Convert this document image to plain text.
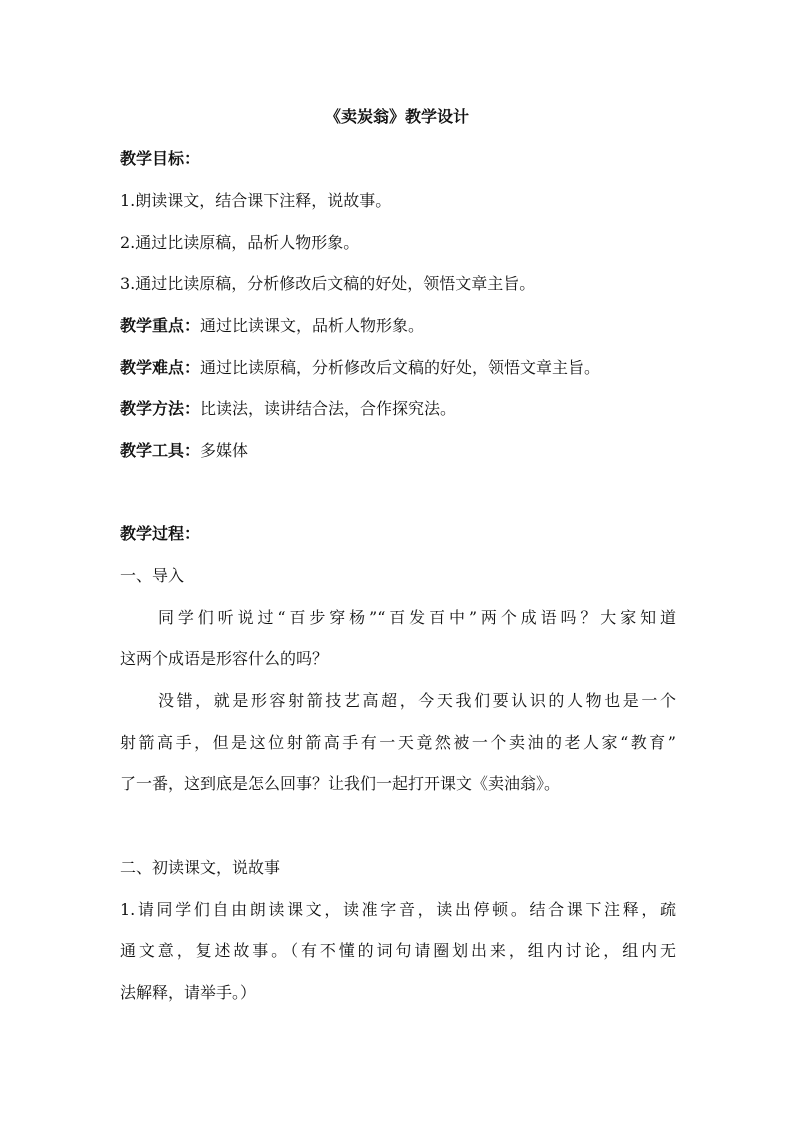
《卖炭翁》教学设计
教学目标：
1.朗读课文，结合课下注释，说故事。
2.通过比读原稿，品析人物形象。
3.通过比读原稿，分析修改后文稿的好处，领悟文章主旨。
教学重点：通过比读课文，品析人物形象。
教学难点：通过比读原稿，分析修改后文稿的好处，领悟文章主旨。
教学方法：比读法，读讲结合法，合作探究法。
教学工具：多媒体
教学过程：
一、导入
同学们听说过“百步穿杨”“百发百中”两个成语吗？大家知道
这两个成语是形容什么的吗？
没错，就是形容射箭技艺高超，今天我们要认识的人物也是一个
射箭高手，但是这位射箭高手有一天竟然被一个卖油的老人家“教育”
了一番，这到底是怎么回事？让我们一起打开课文《卖油翁》。
二、初读课文，说故事
1.请同学们自由朗读课文，读准字音，读出停顿。结合课下注释，疏
通文意，复述故事。（有不懂的词句请圈划出来，组内讨论，组内无
法解释，请举手。）
